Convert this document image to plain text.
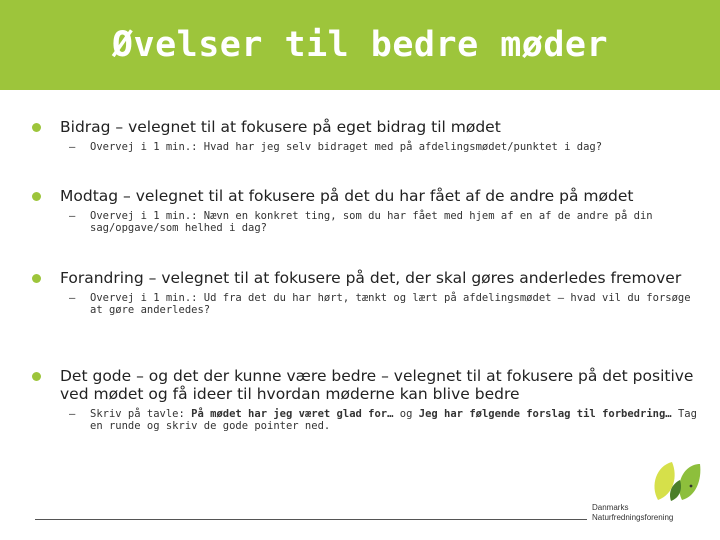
Øvelser til bedre møder
Bidrag – velegnet til at fokusere på eget bidrag til mødet
– Overvej i 1 min.: Hvad har jeg selv bidraget med på afdelingsmødet/punktet i dag?
Modtag – velegnet til at fokusere på det du har fået af de andre på mødet
– Overvej i 1 min.: Nævn en konkret ting, som du har fået med hjem af en af de andre på din sag/opgave/som helhed i dag?
Forandring – velegnet til at fokusere på det, der skal gøres anderledes fremover
– Overvej i 1 min.: Ud fra det du har hørt, tænkt og lært på afdelingsmødet – hvad vil du forsøge at gøre anderledes?
Det gode – og det der kunne være bedre – velegnet til at fokusere på det positive ved mødet og få ideer til hvordan møderne kan blive bedre
– Skriv på tavle: På mødet har jeg været glad for… og Jeg har følgende forslag til forbedring… Tag en runde og skriv de gode pointer ned.
Danmarks
Naturfredningsforening
